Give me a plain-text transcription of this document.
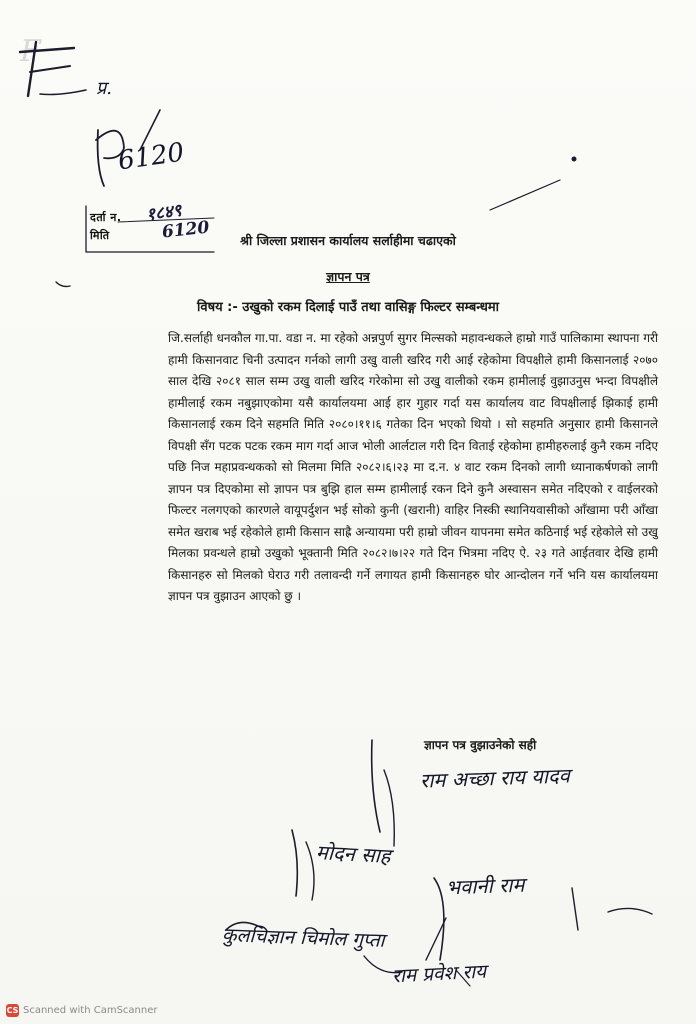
F
प्र.
6120
दर्ता न.
मिति
१८४९
6120	श्री जिल्ला प्रशासन कार्यालय सर्लाहीमा चढाएको
ज्ञापन पत्र
विषय :- उखुको रकम दिलाई पाउँ तथा वासिङ्ग फिल्टर सम्बन्धमा

जि.सर्लाही धनकौल गा.पा. वडा न. मा रहेको अन्नपुर्ण सुगर मिल्सको महावन्धकले हाम्रो गाउँ पालिकामा स्थापना गरी हामी किसानवाट चिनी उत्पादन गर्नको लागी उखु वाली खरिद गरी आई रहेकोमा विपक्षीले हामी किसानलाई २०७० साल देखि २०८१ साल सम्म उखु वाली खरिद गरेकोमा सो उखु वालीको रकम हामीलाई वुझाउनुस भन्दा विपक्षीले हामीलाई रकम नबुझाएकोमा यसै कार्यालयमा आई हार गुहार गर्दा यस कार्यालय वाट विपक्षीलाई झिकाई हामी किसानलाई रकम दिने सहमति मिति २०८०।११।६ गतेका दिन भएको थियो । सो सहमति अनुसार हामी किसानले विपक्षी सँग पटक पटक रकम माग गर्दा आज भोली आर्लटाल गरी दिन विताई रहेकोमा हामीहरुलाई कुनै रकम नदिए पछि निज महाप्रवन्धकको सो मिलमा मिति २०८२।६।२३ मा द.न. ४ वाट रकम दिनको लागी ध्यानाकर्षणको लागी ज्ञापन पत्र दिएकोमा सो ज्ञापन पत्र बुझि हाल सम्म हामीलाई रकन दिने कुनै अस्वासन समेत नदिएको र वाईलरको फिल्टर नलगएको कारणले वायूपर्दुशन भई सोको कुनी (खरानी) वाहिर निस्की स्थानियवासीको आँखामा परी आँखा समेत खराब भई रहेकोले हामी किसान साह्रै अन्यायमा परी हाम्रो जीवन यापनमा समेत कठिनाई भई रहेकोले सो उखु मिलका प्रवन्धले हाम्रो उखुको भूक्तानी मिति २०८२।७।२२ गते दिन भित्रमा नदिए ऐ. २३ गते आईतवार देखि हामी किसानहरु सो मिलको घेराउ गरी तलावन्दी गर्ने लगायत हामी किसानहरु घोर आन्दोलन गर्ने भनि यस कार्यालयमा ज्ञापन पत्र वुझाउन आएको छु ।

ज्ञापन पत्र वुझाउनेको सही
राम अच्छा राय यादव
मोदन साह
भवानी राम
कुलचिज्ञान चिमोल गुप्ता
राम प्रवेश राय
CS Scanned with CamScanner
